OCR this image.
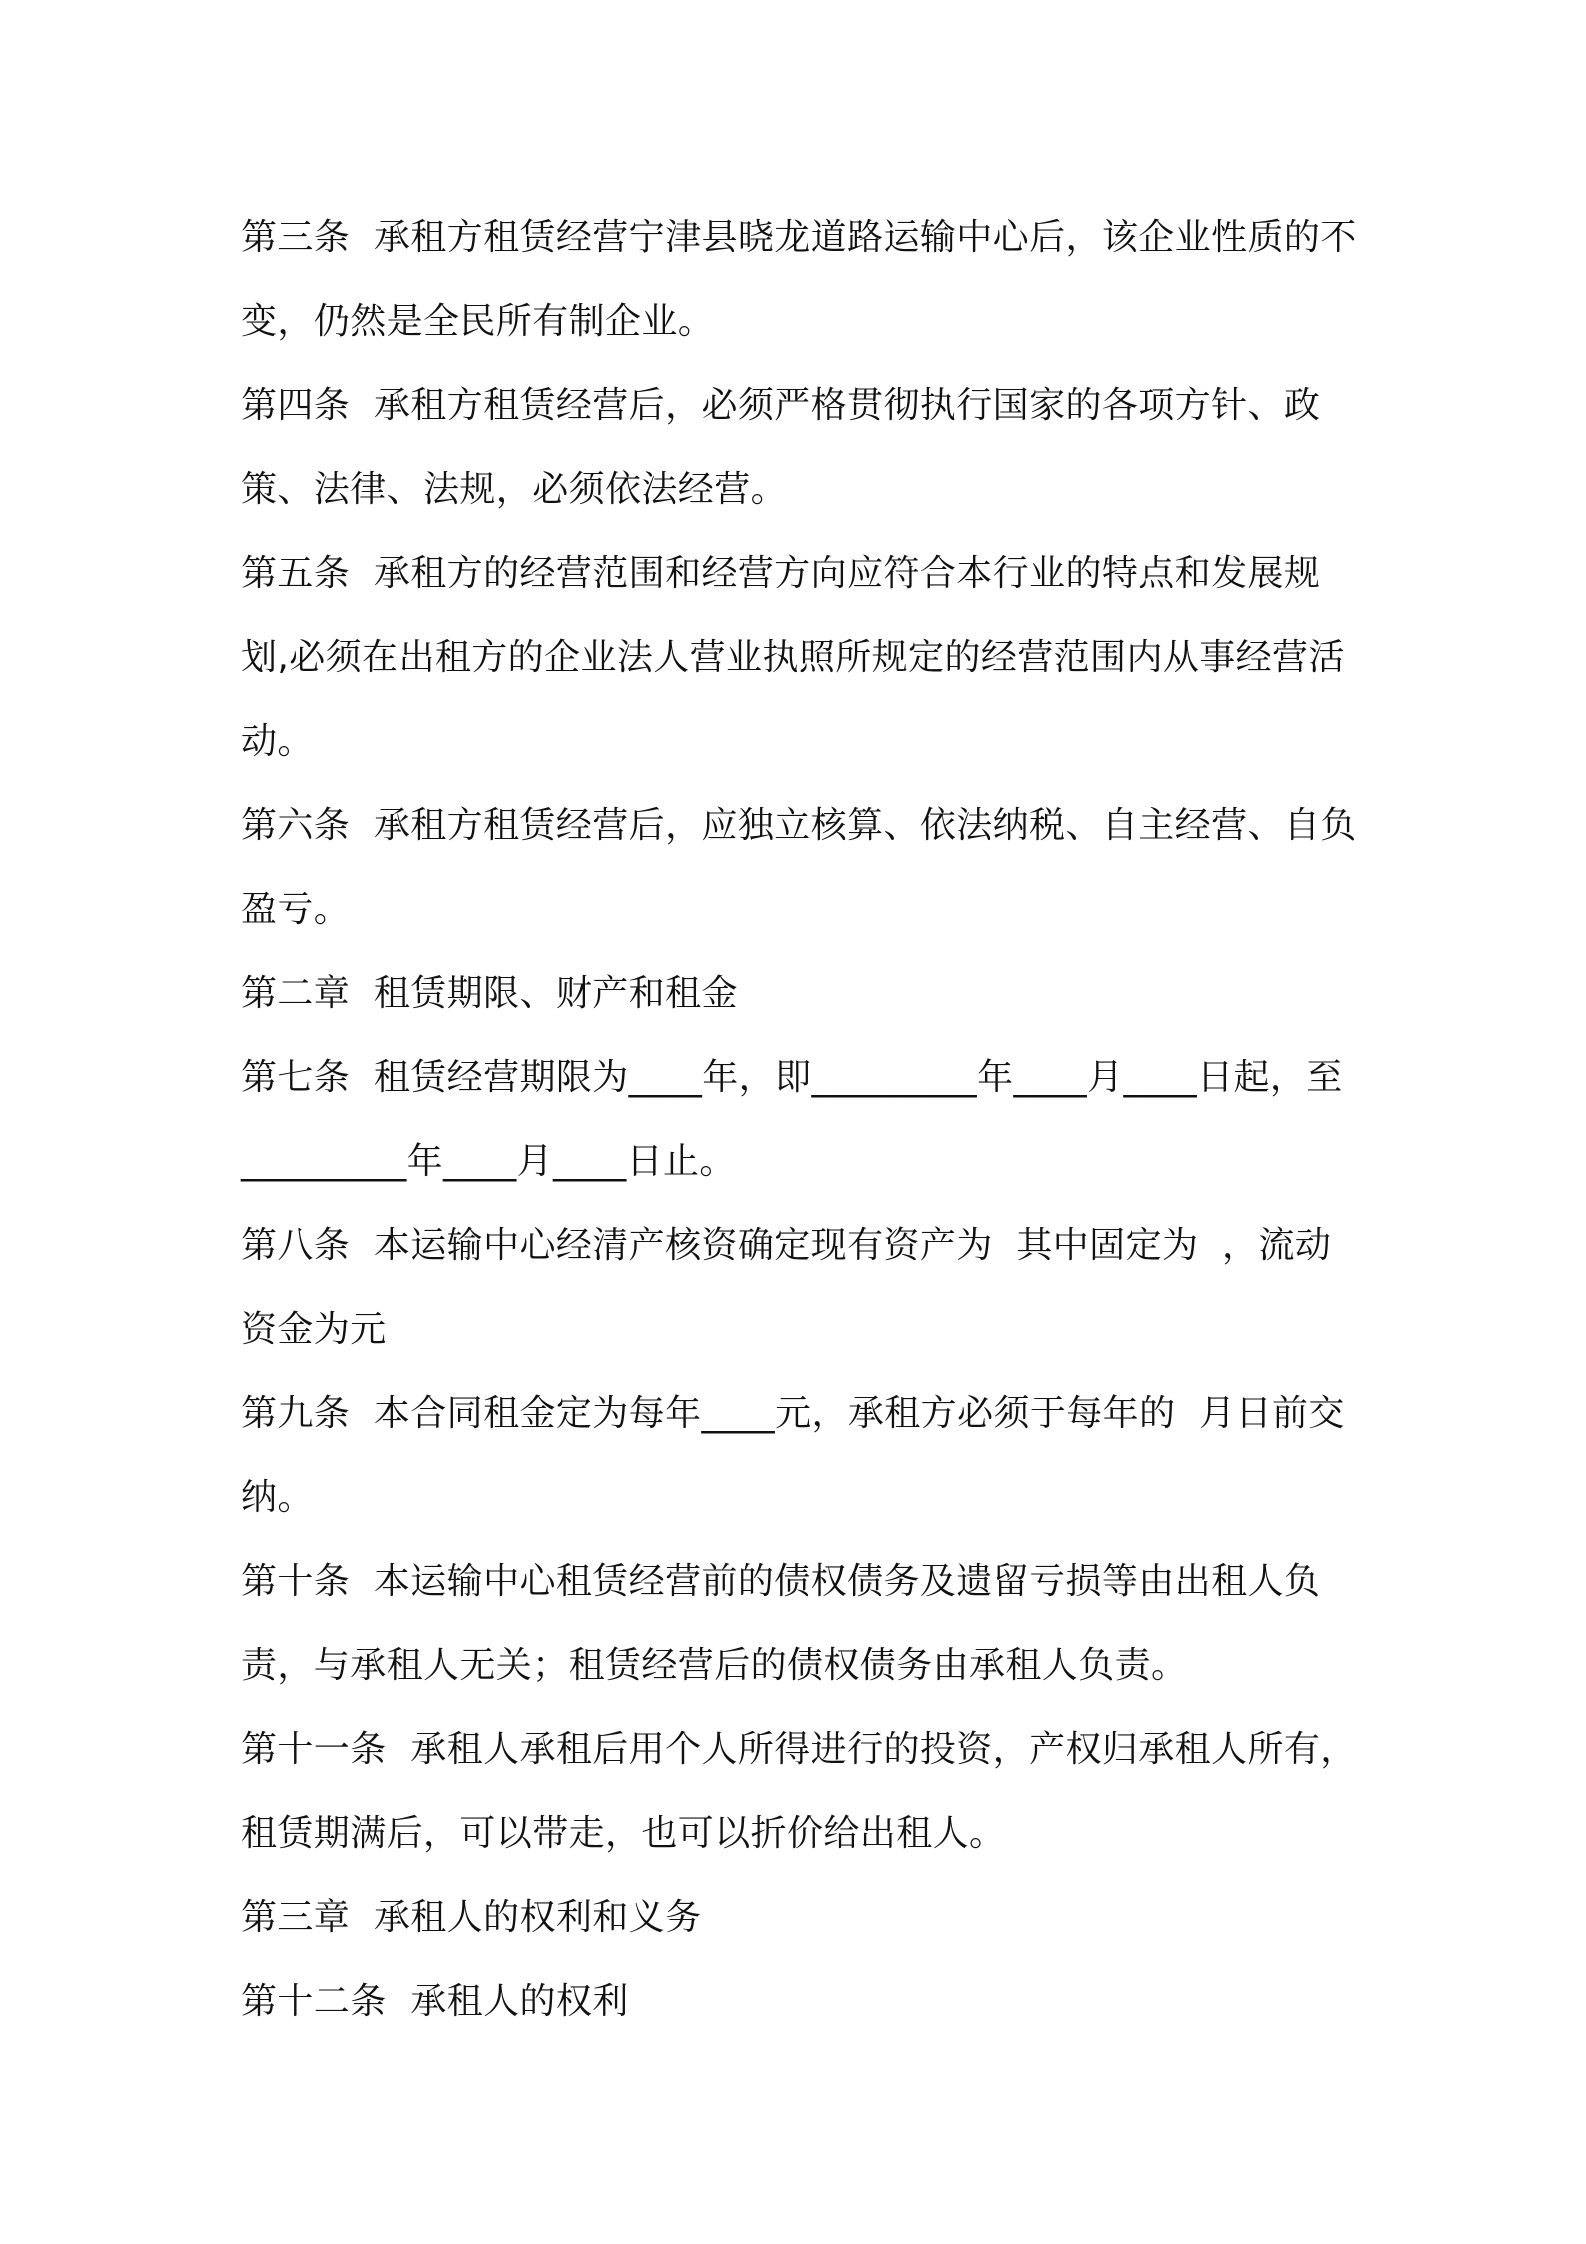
第三条  承租方租赁经营宁津县晓龙道路运输中心后，该企业性质的不变，仍然是全民所有制企业。

第四条  承租方租赁经营后，必须严格贯彻执行国家的各项方针、政策、法律、法规，必须依法经营。

第五条  承租方的经营范围和经营方向应符合本行业的特点和发展规划,必须在出租方的企业法人营业执照所规定的经营范围内从事经营活动。

第六条  承租方租赁经营后，应独立核算、依法纳税、自主经营、自负盈亏。

第二章  租赁期限、财产和租金

第七条  租赁经营期限为____年，即_________年____月____日起，至_________年____月____日止。

第八条  本运输中心经清产核资确定现有资产为  其中固定为  ，流动资金为元

第九条  本合同租金定为每年____元，承租方必须于每年的  月日前交纳。

第十条  本运输中心租赁经营前的债权债务及遗留亏损等由出租人负责，与承租人无关；租赁经营后的债权债务由承租人负责。

第十一条  承租人承租后用个人所得进行的投资，产权归承租人所有，租赁期满后，可以带走，也可以折价给出租人。

第三章  承租人的权利和义务

第十二条  承租人的权利
